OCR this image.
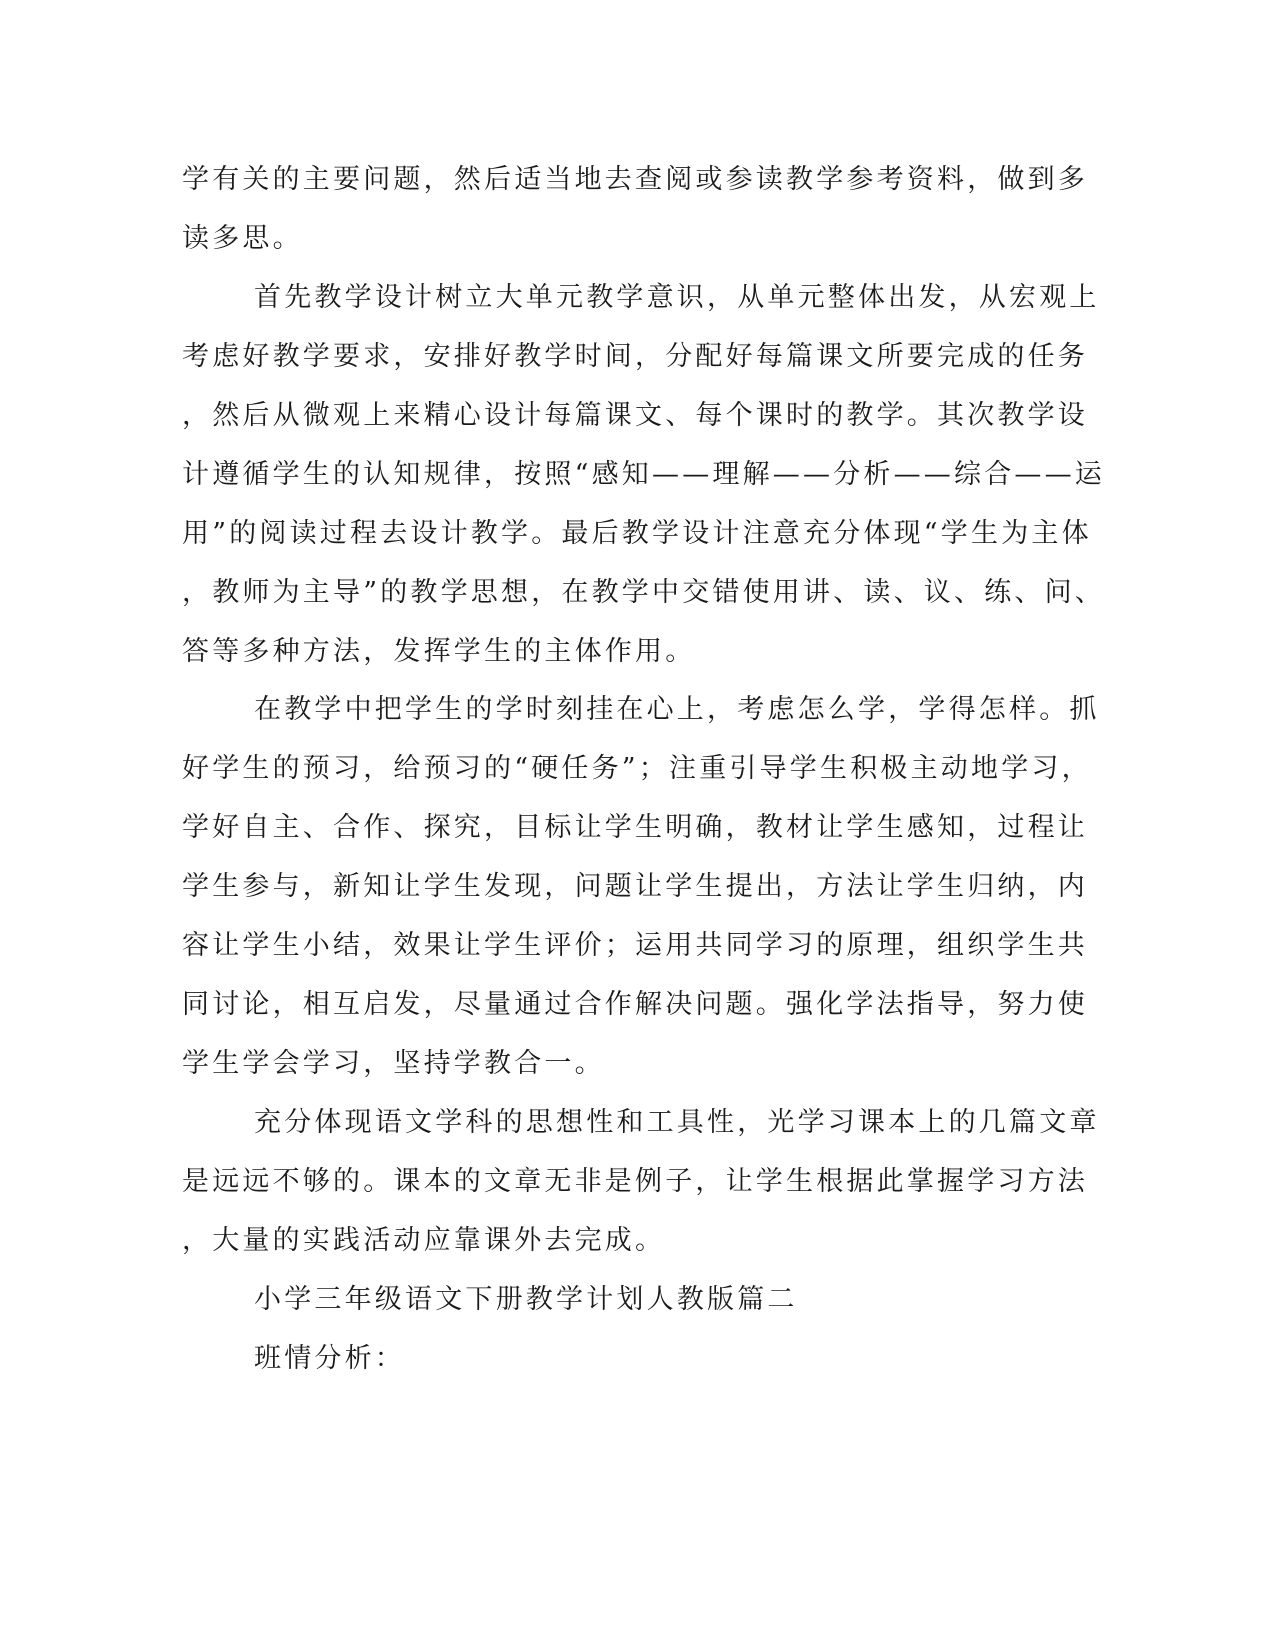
学有关的主要问题，然后适当地去查阅或参读教学参考资料，做到多
读多思。
首先教学设计树立大单元教学意识，从单元整体出发，从宏观上
考虑好教学要求，安排好教学时间，分配好每篇课文所要完成的任务
，然后从微观上来精心设计每篇课文、每个课时的教学。其次教学设
计遵循学生的认知规律，按照“感知——理解——分析——综合——运
用”的阅读过程去设计教学。最后教学设计注意充分体现“学生为主体
，教师为主导”的教学思想，在教学中交错使用讲、读、议、练、问、
答等多种方法，发挥学生的主体作用。
在教学中把学生的学时刻挂在心上，考虑怎么学，学得怎样。抓
好学生的预习，给预习的“硬任务”；注重引导学生积极主动地学习，
学好自主、合作、探究，目标让学生明确，教材让学生感知，过程让
学生参与，新知让学生发现，问题让学生提出，方法让学生归纳，内
容让学生小结，效果让学生评价；运用共同学习的原理，组织学生共
同讨论，相互启发，尽量通过合作解决问题。强化学法指导，努力使
学生学会学习，坚持学教合一。
充分体现语文学科的思想性和工具性，光学习课本上的几篇文章
是远远不够的。课本的文章无非是例子，让学生根据此掌握学习方法
，大量的实践活动应靠课外去完成。
小学三年级语文下册教学计划人教版篇二
班情分析：
